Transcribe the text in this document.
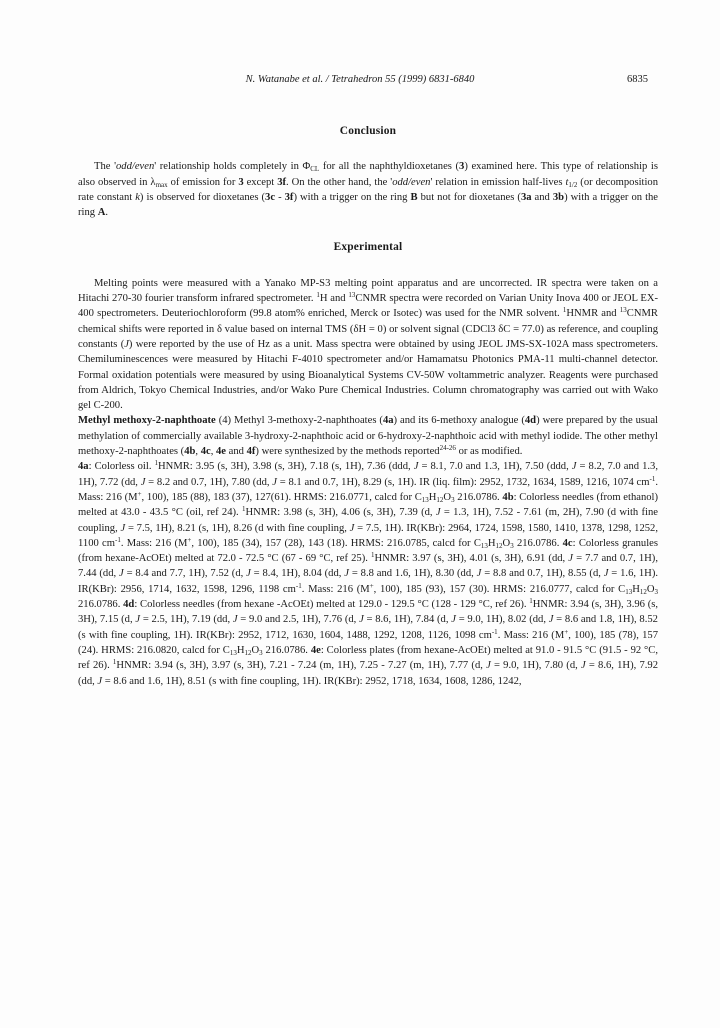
N. Watanabe et al. / Tetrahedron 55 (1999) 6831-6840	6835
Conclusion

The 'odd/even' relationship holds completely in $\Phi_{CL}$ for all the naphthyldioxetanes (3) examined here. This type of relationship is also observed in $\lambda_{max}$ of emission for 3 except 3f. On the other hand, the 'odd/even' relation in emission half-lives $t_{1/2}$ (or decomposition rate constant k) is observed for dioxetanes (3c - 3f) with a trigger on the ring B but not for dioxetanes (3a and 3b) with a trigger on the ring A.

Experimental

Melting points were measured with a Yanako MP-S3 melting point apparatus and are uncorrected. IR spectra were taken on a Hitachi 270-30 fourier transform infrared spectrometer. $^1$H and $^{13}$CNMR spectra were recorded on Varian Unity Inova 400 or JEOL EX-400 spectrometers. Deuteriochloroform (99.8 atom% enriched, Merck or Isotec) was used for the NMR solvent. $^1$HNMR and $^{13}$CNMR chemical shifts were reported in δ value based on internal TMS (δH = 0) or solvent signal (CDCl3 δC = 77.0) as reference, and coupling constants (J) were reported by the use of Hz as a unit. Mass spectra were obtained by using JEOL JMS-SX-102A mass spectrometers. Chemiluminescences were measured by Hitachi F-4010 spectrometer and/or Hamamatsu Photonics PMA-11 multi-channel detector. Formal oxidation potentials were measured by using Bioanalytical Systems CV-50W voltammetric analyzer. Reagents were purchased from Aldrich, Tokyo Chemical Industries, and/or Wako Pure Chemical Industries. Column chromatography was carried out with Wako gel C-200.

Methyl methoxy-2-naphthoate (4) Methyl 3-methoxy-2-naphthoates (4a) and its 6-methoxy analogue (4d) were prepared by the usual methylation of commercially available 3-hydroxy-2-naphthoic acid or 6-hydroxy-2-naphthoic acid with methyl iodide. The other methyl methoxy-2-naphthoates (4b, 4c, 4e and 4f) were synthesized by the methods reported$^{24-26}$ or as modified.

4a: Colorless oil. $^1$HNMR: 3.95 (s, 3H), 3.98 (s, 3H), 7.18 (s, 1H), 7.36 (ddd, J = 8.1, 7.0 and 1.3, 1H), 7.50 (ddd, J = 8.2, 7.0 and 1.3, 1H), 7.72 (dd, J = 8.2 and 0.7, 1H), 7.80 (dd, J = 8.1 and 0.7, 1H), 8.29 (s, 1H). IR (liq. film): 2952, 1732, 1634, 1589, 1216, 1074 $cm^{-1}$. Mass: 216 (M+, 100), 185 (88), 183 (37), 127(61). HRMS: 216.0771, calcd for $C_{13}H_{12}O_3$ 216.0786. 4b: Colorless needles (from ethanol) melted at 43.0 - 43.5 °C (oil, ref 24). $^1$HNMR: 3.98 (s, 3H), 4.06 (s, 3H), 7.39 (d, J = 1.3, 1H), 7.52 - 7.61 (m, 2H), 7.90 (d with fine coupling, J = 7.5, 1H), 8.21 (s, 1H), 8.26 (d with fine coupling, J = 7.5, 1H). IR(KBr): 2964, 1724, 1598, 1580, 1410, 1378, 1298, 1252, 1100 $cm^{-1}$. Mass: 216 (M+, 100), 185 (34), 157 (28), 143 (18). HRMS: 216.0785, calcd for $C_{13}H_{12}O_3$ 216.0786. 4c: Colorless granules (from hexane-AcOEt) melted at 72.0 - 72.5 °C (67 - 69 °C, ref 25). $^1$HNMR: 3.97 (s, 3H), 4.01 (s, 3H), 6.91 (dd, J = 7.7 and 0.7, 1H), 7.44 (dd, J = 8.4 and 7.7, 1H), 7.52 (d, J = 8.4, 1H), 8.04 (dd, J = 8.8 and 1.6, 1H), 8.30 (dd, J = 8.8 and 0.7, 1H), 8.55 (d, J = 1.6, 1H). IR(KBr): 2956, 1714, 1632, 1598, 1296, 1198 $cm^{-1}$. Mass: 216 (M+, 100), 185 (93), 157 (30). HRMS: 216.0777, calcd for $C_{13}H_{12}O_3$ 216.0786. 4d: Colorless needles (from hexane -AcOEt) melted at 129.0 - 129.5 °C (128 - 129 °C, ref 26). $^1$HNMR: 3.94 (s, 3H), 3.96 (s, 3H), 7.15 (d, J = 2.5, 1H), 7.19 (dd, J = 9.0 and 2.5, 1H), 7.76 (d, J = 8.6, 1H), 7.84 (d, J = 9.0, 1H), 8.02 (dd, J = 8.6 and 1.8, 1H), 8.52 (s with fine coupling, 1H). IR(KBr): 2952, 1712, 1630, 1604, 1488, 1292, 1208, 1126, 1098 $cm^{-1}$. Mass: 216 (M+, 100), 185 (78), 157 (24). HRMS: 216.0820, calcd for $C_{13}H_{12}O_3$ 216.0786. 4e: Colorless plates (from hexane-AcOEt) melted at 91.0 - 91.5 °C (91.5 - 92 °C, ref 26). $^1$HNMR: 3.94 (s, 3H), 3.97 (s, 3H), 7.21 - 7.24 (m, 1H), 7.25 - 7.27 (m, 1H), 7.77 (d, J = 9.0, 1H), 7.80 (d, J = 8.6, 1H), 7.92 (dd, J = 8.6 and 1.6, 1H), 8.51 (s with fine coupling, 1H). IR(KBr): 2952, 1718, 1634, 1608, 1286, 1242,
